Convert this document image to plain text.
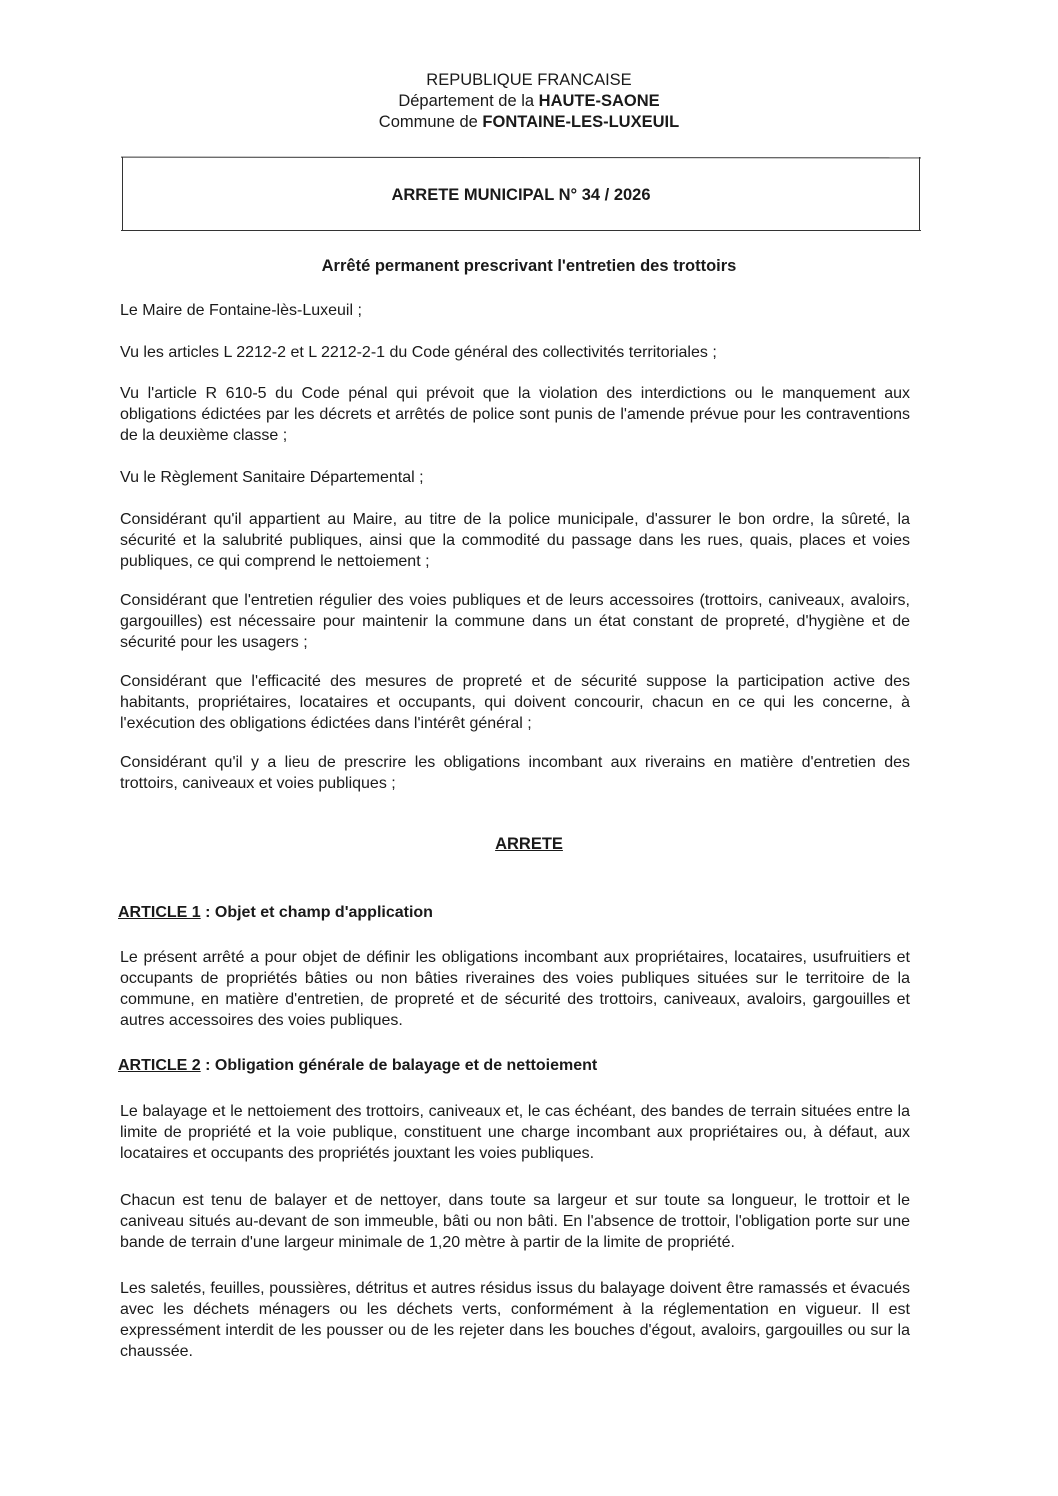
REPUBLIQUE FRANCAISE
Département de la HAUTE-SAONE
Commune de FONTAINE-LES-LUXEUIL
ARRETE MUNICIPAL N° 34 / 2026
Arrêté permanent prescrivant l'entretien des trottoirs
Le Maire de Fontaine-lès-Luxeuil ;
Vu les articles L 2212-2 et L 2212-2-1 du Code général des collectivités territoriales ;
Vu l'article R 610-5 du Code pénal qui prévoit que la violation des interdictions ou le manquement aux obligations édictées par les décrets et arrêtés de police sont punis de l'amende prévue pour les contraventions de la deuxième classe ;
Vu le Règlement Sanitaire Départemental ;
Considérant qu'il appartient au Maire, au titre de la police municipale, d'assurer le bon ordre, la sûreté, la sécurité et la salubrité publiques, ainsi que la commodité du passage dans les rues, quais, places et voies publiques, ce qui comprend le nettoiement ;
Considérant que l'entretien régulier des voies publiques et de leurs accessoires (trottoirs, caniveaux, avaloirs, gargouilles) est nécessaire pour maintenir la commune dans un état constant de propreté, d'hygiène et de sécurité pour les usagers ;
Considérant que l'efficacité des mesures de propreté et de sécurité suppose la participation active des habitants, propriétaires, locataires et occupants, qui doivent concourir, chacun en ce qui les concerne, à l'exécution des obligations édictées dans l'intérêt général ;
Considérant qu'il y a lieu de prescrire les obligations incombant aux riverains en matière d'entretien des trottoirs, caniveaux et voies publiques ;
ARRETE
ARTICLE 1 : Objet et champ d'application
Le présent arrêté a pour objet de définir les obligations incombant aux propriétaires, locataires, usufruitiers et occupants de propriétés bâties ou non bâties riveraines des voies publiques situées sur le territoire de la commune, en matière d'entretien, de propreté et de sécurité des trottoirs, caniveaux, avaloirs, gargouilles et autres accessoires des voies publiques.
ARTICLE 2 : Obligation générale de balayage et de nettoiement
Le balayage et le nettoiement des trottoirs, caniveaux et, le cas échéant, des bandes de terrain situées entre la limite de propriété et la voie publique, constituent une charge incombant aux propriétaires ou, à défaut, aux locataires et occupants des propriétés jouxtant les voies publiques.
Chacun est tenu de balayer et de nettoyer, dans toute sa largeur et sur toute sa longueur, le trottoir et le caniveau situés au-devant de son immeuble, bâti ou non bâti. En l'absence de trottoir, l'obligation porte sur une bande de terrain d'une largeur minimale de 1,20 mètre à partir de la limite de propriété.
Les saletés, feuilles, poussières, détritus et autres résidus issus du balayage doivent être ramassés et évacués avec les déchets ménagers ou les déchets verts, conformément à la réglementation en vigueur. Il est expressément interdit de les pousser ou de les rejeter dans les bouches d'égout, avaloirs, gargouilles ou sur la chaussée.
